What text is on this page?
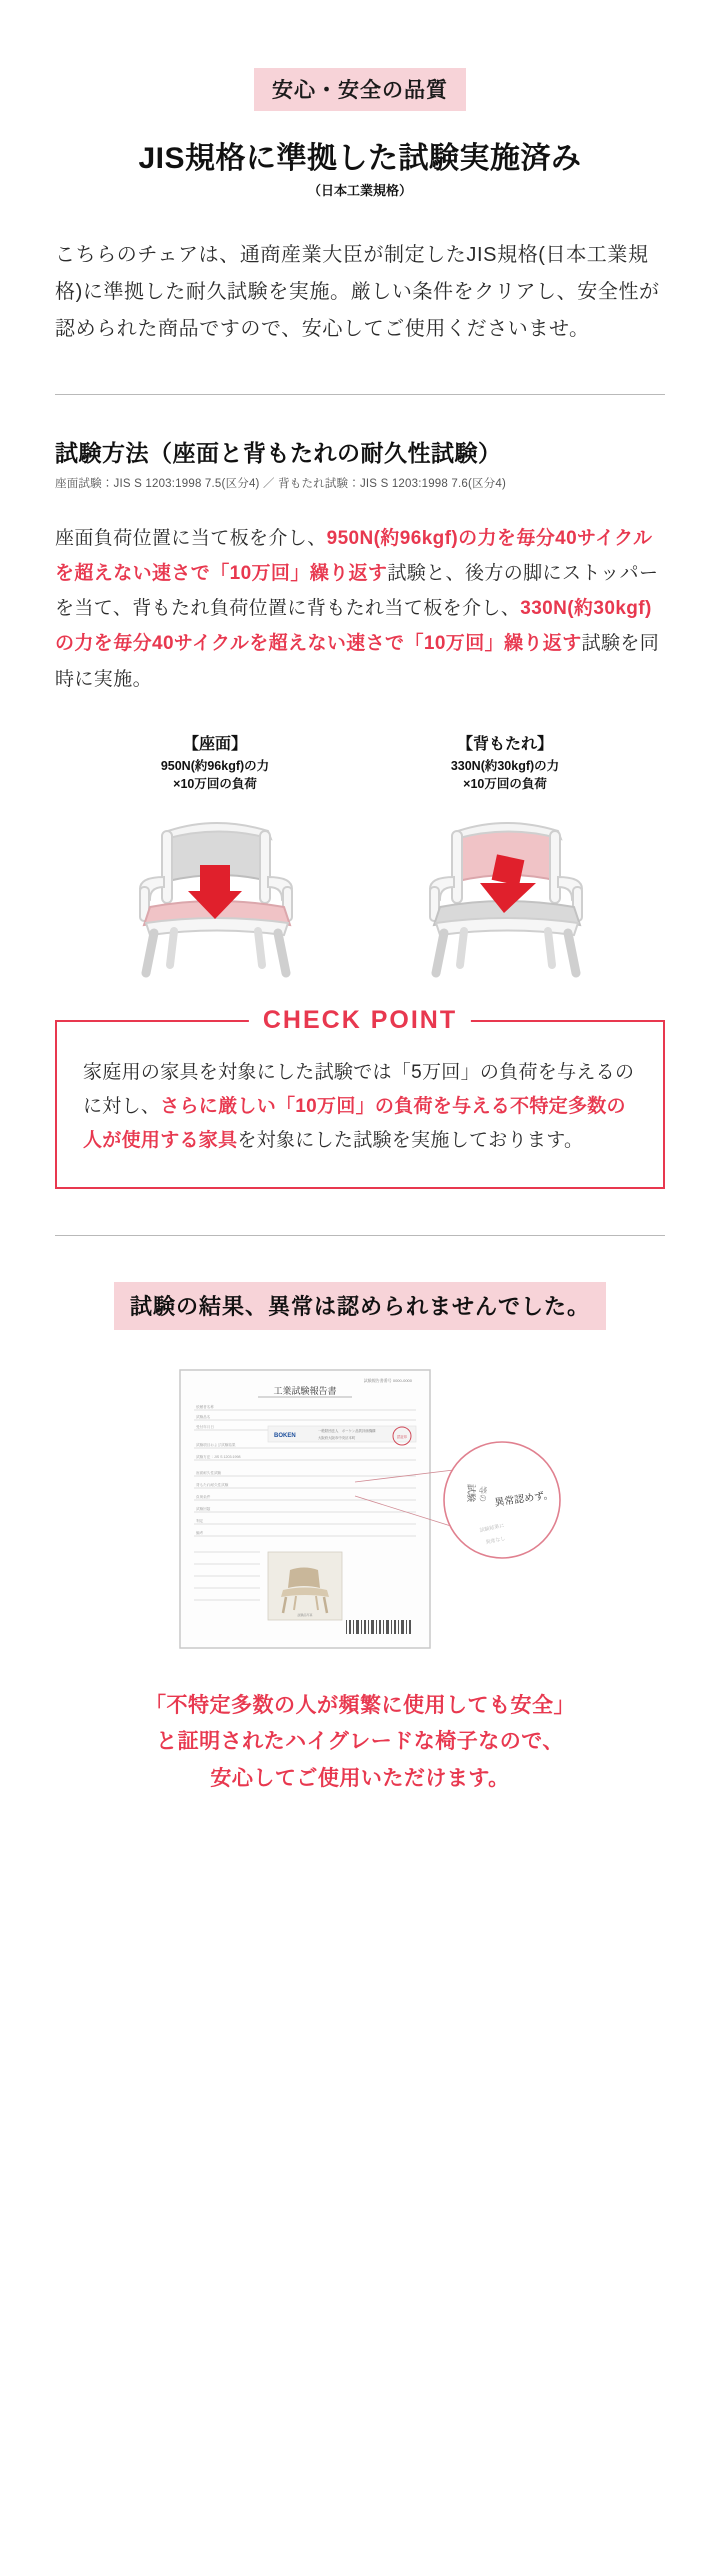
安心・安全の品質
JIS規格に準拠した試験実施済み
（日本工業規格）
こちらのチェアは、通商産業大臣が制定したJIS規格(日本工業規格)に準拠した耐久試験を実施。厳しい条件をクリアし、安全性が認められた商品ですので、安心してご使用くださいませ。
試験方法（座面と背もたれの耐久性試験）
座面試験：JIS S 1203:1998 7.5(区分4) ／ 背もたれ試験：JIS S 1203:1998 7.6(区分4)
座面負荷位置に当て板を介し、950N(約96kgf)の力を毎分40サイクルを超えない速さで「10万回」繰り返す試験と、後方の脚にストッパーを当て、背もたれ負荷位置に背もたれ当て板を介し、330N(約30kgf)の力を毎分40サイクルを超えない速さで「10万回」繰り返す試験を同時に実施。
【座面】
950N(約96kgf)の力
×10万回の負荷
【背もたれ】
330N(約30kgf)の力
×10万回の負荷
CHECK POINT
家庭用の家具を対象にした試験では「5万回」の負荷を与えるのに対し、さらに厳しい「10万回」の負荷を与える不特定多数の人が使用する家具を対象にした試験を実施しております。
試験の結果、異常は認められませんでした。
工業試験報告書
試験報告書番号 0000-0000
依頼者名称
試験品名
受付年月日
試験項目および試験結果
試験方法：JIS S 1203:1998
座面耐久性試験
背もたれ耐久性試験
負荷条件
試験回数
判定
備考
BOKEN
一般財団法人　ボーケン品質評価機構
大阪府大阪市中央区本町	認証印
試験品写真
試験 等の 異常認めず。
試験結果に
異常なし
「不特定多数の人が頻繁に使用しても安全」
と証明されたハイグレードな椅子なので、
安心してご使用いただけます。
